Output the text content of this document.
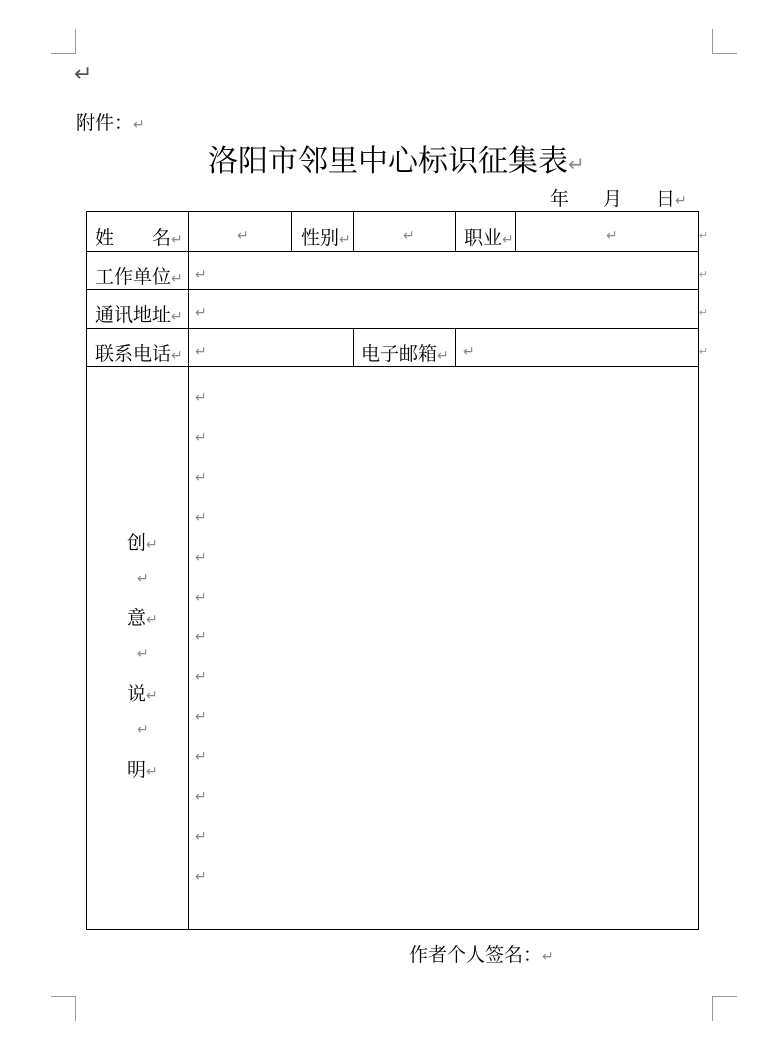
↵
附件：↵
洛阳市邻里中心标识征集表↵
年 月 日↵
姓　　名↵	↵	性别↵	↵	职业↵	↵
工作单位↵ ↵
通讯地址↵ ↵
联系电话↵ ↵	电子邮箱↵ ↵
↵
↵
↵
↵
创↵
↵
意↵
↵
说↵
↵
明↵
↵
↵
↵
↵
↵
↵
↵
↵
↵
↵
↵
↵
↵
作者个人签名：↵
